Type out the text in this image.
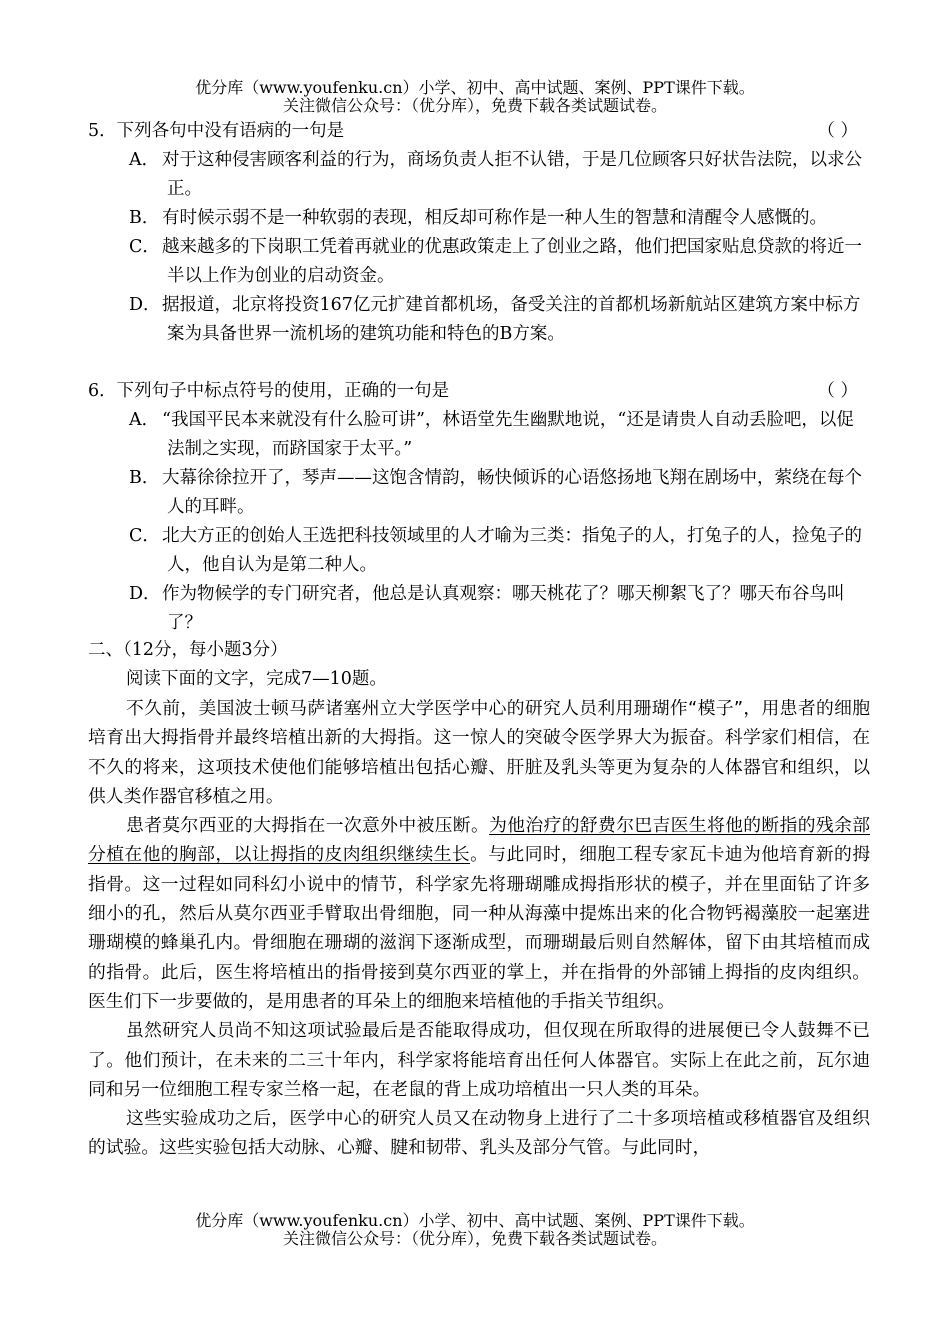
优分库（www.youfenku.cn）小学、初中、高中试题、案例、PPT课件下载。
关注微信公众号：（优分库），免费下载各类试题试卷。
5．下列各句中没有语病的一句是	（ ）
A． 对于这种侵害顾客利益的行为，商场负责人拒不认错，于是几位顾客只好状告法院，以求公正。
B． 有时候示弱不是一种软弱的表现，相反却可称作是一种人生的智慧和清醒令人感慨的。
C． 越来越多的下岗职工凭着再就业的优惠政策走上了创业之路，他们把国家贴息贷款的将近一半以上作为创业的启动资金。
D．据报道，北京将投资167亿元扩建首都机场，备受关注的首都机场新航站区建筑方案中标方案为具备世界一流机场的建筑功能和特色的B方案。
6．下列句子中标点符号的使用，正确的一句是	（ ）
A． “我国平民本来就没有什么脸可讲”，林语堂先生幽默地说，“还是请贵人自动丢脸吧，以促法制之实现，而跻国家于太平。”
B． 大幕徐徐拉开了，琴声——这饱含情韵，畅快倾诉的心语悠扬地飞翔在剧场中，萦绕在每个人的耳畔。
C． 北大方正的创始人王选把科技领域里的人才喻为三类：指兔子的人，打兔子的人，捡兔子的人，他自认为是第二种人。
D．作为物候学的专门研究者，他总是认真观察：哪天桃花了？哪天柳絮飞了？哪天布谷鸟叫了？
二、（12分，每小题3分）
阅读下面的文字，完成7—10题。

不久前，美国波士顿马萨诸塞州立大学医学中心的研究人员利用珊瑚作“模子”，用患者的细胞培育出大拇指骨并最终培植出新的大拇指。这一惊人的突破令医学界大为振奋。科学家们相信，在不久的将来，这项技术使他们能够培植出包括心瓣、肝脏及乳头等更为复杂的人体器官和组织，以供人类作器官移植之用。

患者莫尔西亚的大拇指在一次意外中被压断。为他治疗的舒费尔巴吉医生将他的断指的残余部分植在他的胸部，以让拇指的皮肉组织继续生长。与此同时，细胞工程专家瓦卡迪为他培育新的拇指骨。这一过程如同科幻小说中的情节，科学家先将珊瑚雕成拇指形状的模子，并在里面钻了许多细小的孔，然后从莫尔西亚手臂取出骨细胞，同一种从海藻中提炼出来的化合物钙褐藻胶一起塞进珊瑚模的蜂巢孔内。骨细胞在珊瑚的滋润下逐渐成型，而珊瑚最后则自然解体，留下由其培植而成的指骨。此后，医生将培植出的指骨接到莫尔西亚的掌上，并在指骨的外部铺上拇指的皮肉组织。医生们下一步要做的，是用患者的耳朵上的细胞来培植他的手指关节组织。

虽然研究人员尚不知这项试验最后是否能取得成功，但仅现在所取得的进展便已令人鼓舞不已了。他们预计，在未来的二三十年内，科学家将能培育出任何人体器官。实际上在此之前，瓦尔迪同和另一位细胞工程专家兰格一起，在老鼠的背上成功培植出一只人类的耳朵。

这些实验成功之后，医学中心的研究人员又在动物身上进行了二十多项培植或移植器官及组织的试验。这些实验包括大动脉、心瓣、腱和韧带、乳头及部分气管。与此同时，

优分库（www.youfenku.cn）小学、初中、高中试题、案例、PPT课件下载。
关注微信公众号：（优分库），免费下载各类试题试卷。
